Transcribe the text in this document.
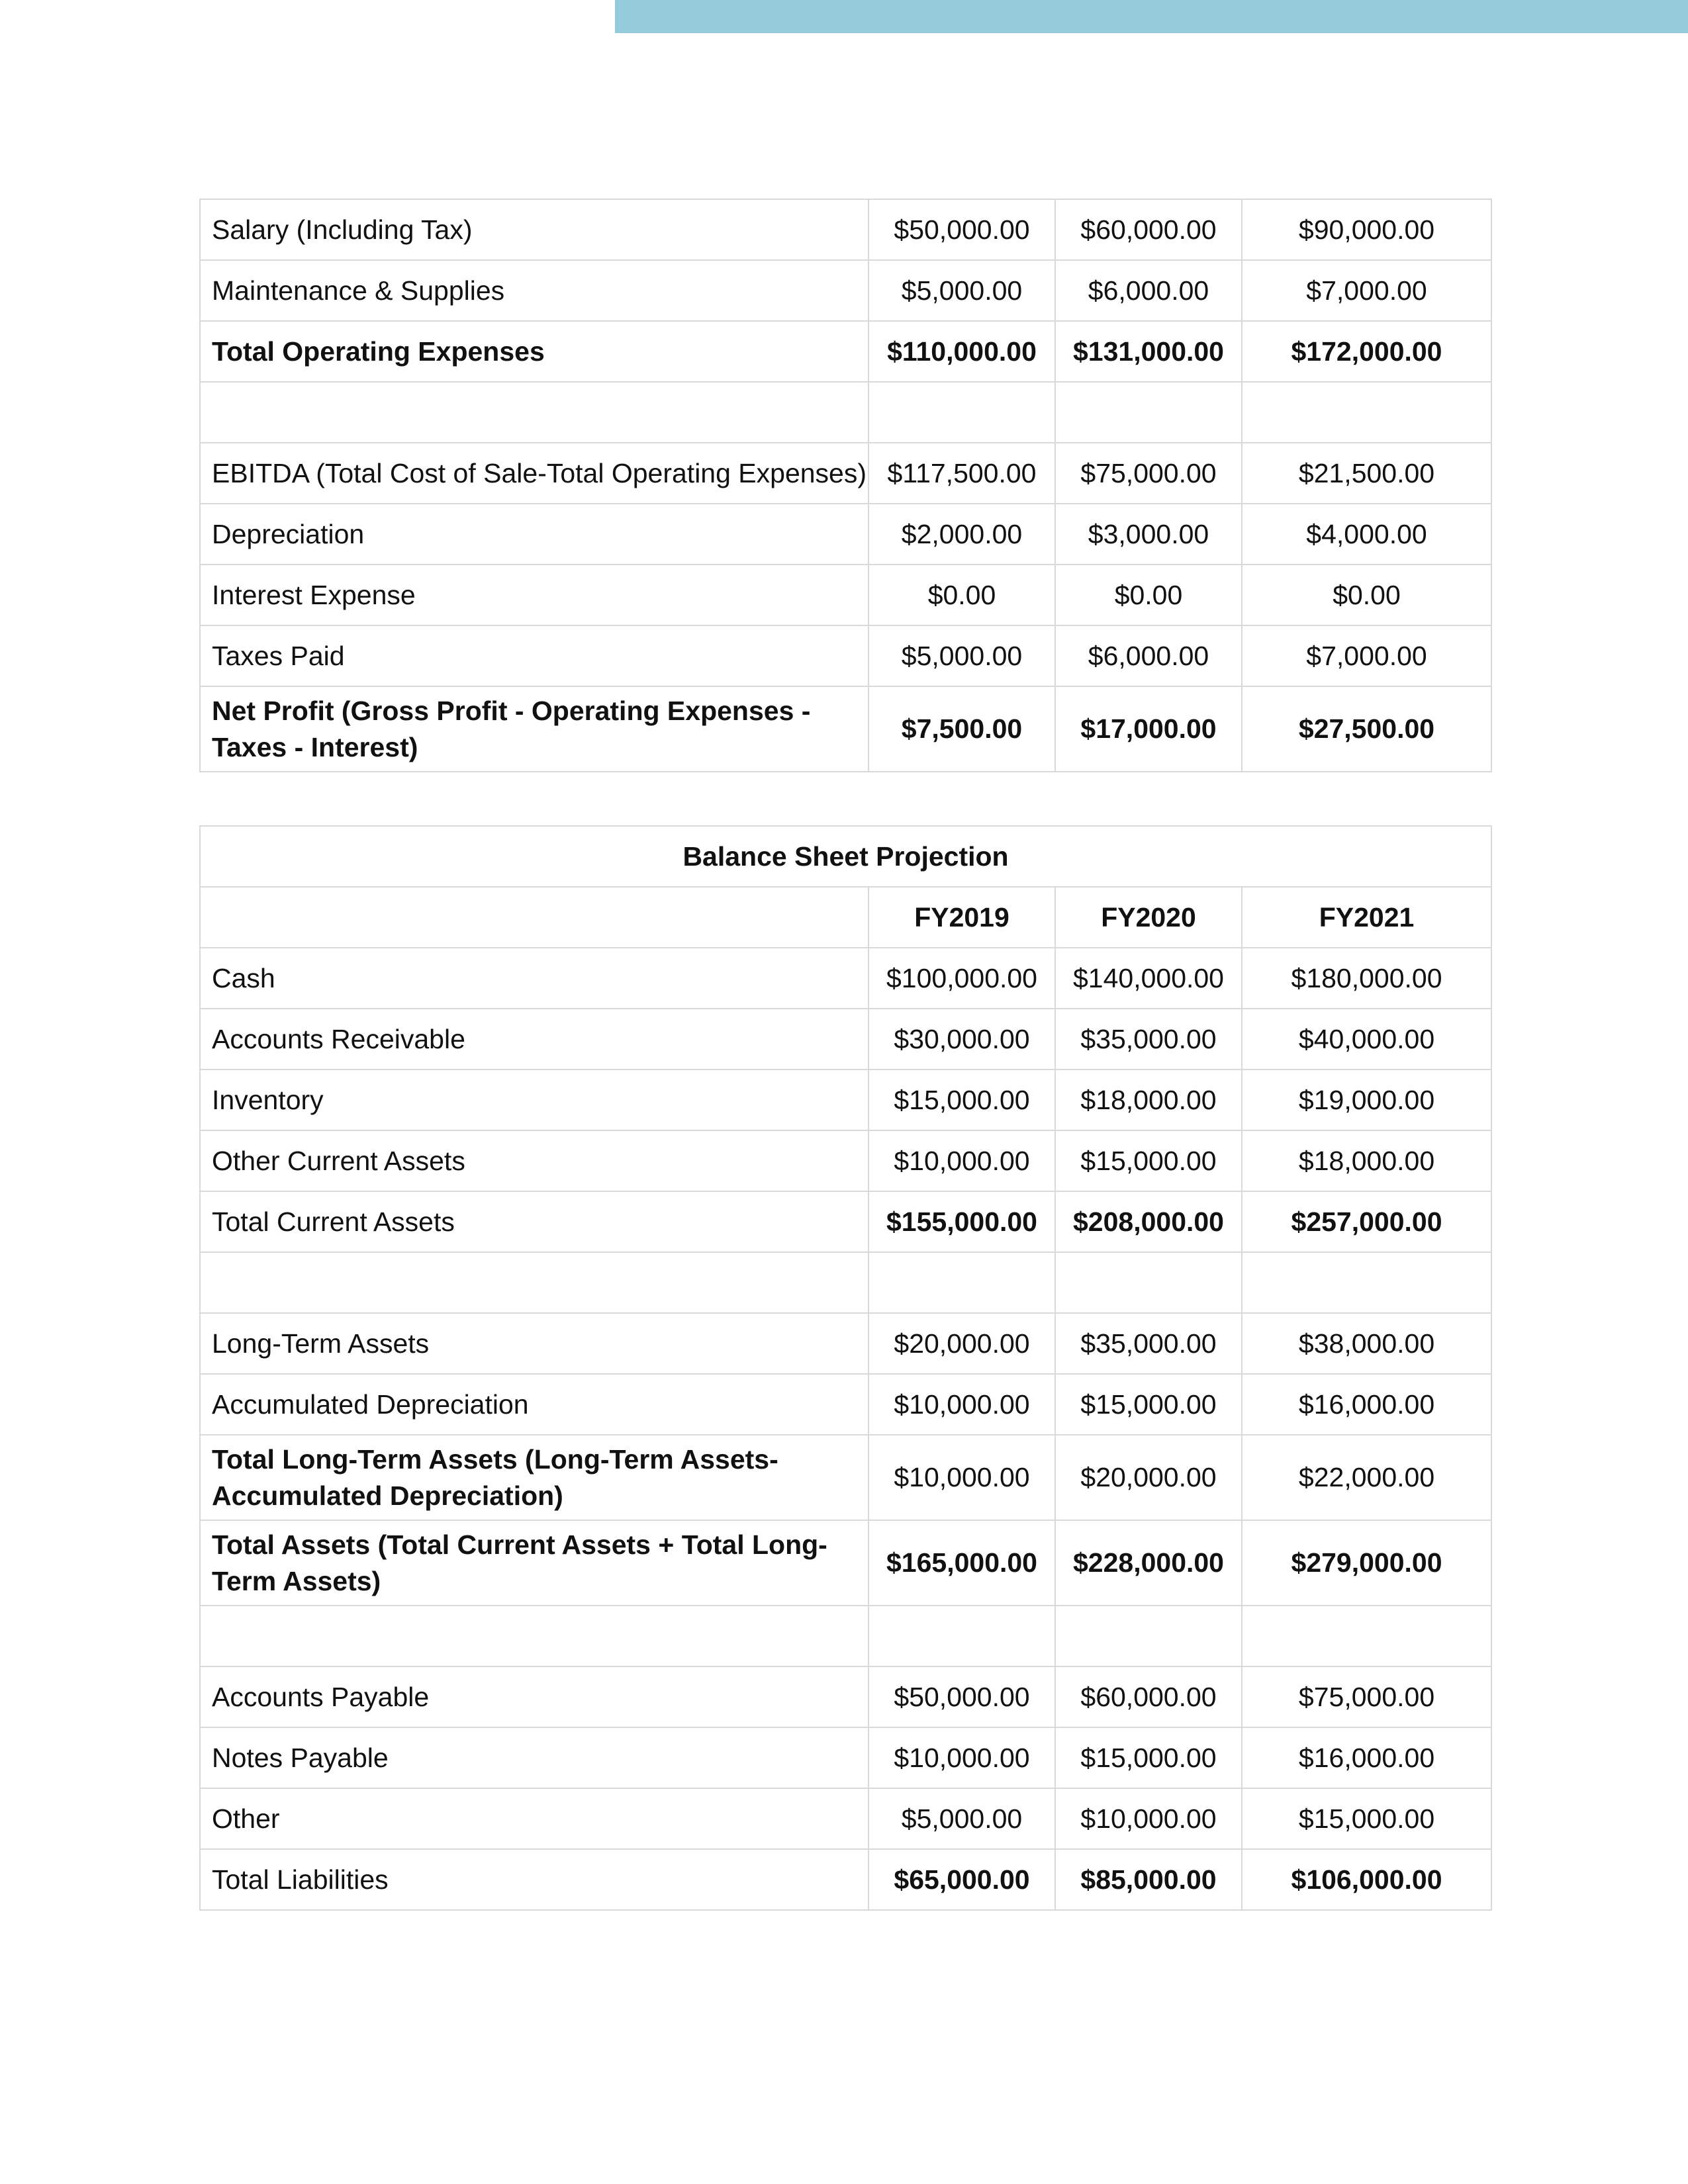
Salary (Including Tax)	$50,000.00	$60,000.00	$90,000.00
Maintenance & Supplies	$5,000.00	$6,000.00	$7,000.00
Total Operating Expenses	$110,000.00	$131,000.00	$172,000.00

EBITDA (Total Cost of Sale-Total Operating Expenses)	$117,500.00	$75,000.00	$21,500.00
Depreciation	$2,000.00	$3,000.00	$4,000.00
Interest Expense	$0.00	$0.00	$0.00
Taxes Paid	$5,000.00	$6,000.00	$7,000.00
Net Profit (Gross Profit - Operating Expenses - Taxes - Interest)	$7,500.00	$17,000.00	$27,500.00
Balance Sheet Projection			
	FY2019	FY2020	FY2021
Cash	$100,000.00	$140,000.00	$180,000.00
Accounts Receivable	$30,000.00	$35,000.00	$40,000.00
Inventory	$15,000.00	$18,000.00	$19,000.00
Other Current Assets	$10,000.00	$15,000.00	$18,000.00
Total Current Assets	$155,000.00	$208,000.00	$257,000.00

Long-Term Assets	$20,000.00	$35,000.00	$38,000.00
Accumulated Depreciation	$10,000.00	$15,000.00	$16,000.00
Total Long-Term Assets (Long-Term Assets-Accumulated Depreciation)	$10,000.00	$20,000.00	$22,000.00
Total Assets (Total Current Assets + Total Long-Term Assets)	$165,000.00	$228,000.00	$279,000.00

Accounts Payable	$50,000.00	$60,000.00	$75,000.00
Notes Payable	$10,000.00	$15,000.00	$16,000.00
Other	$5,000.00	$10,000.00	$15,000.00
Total Liabilities	$65,000.00	$85,000.00	$106,000.00
